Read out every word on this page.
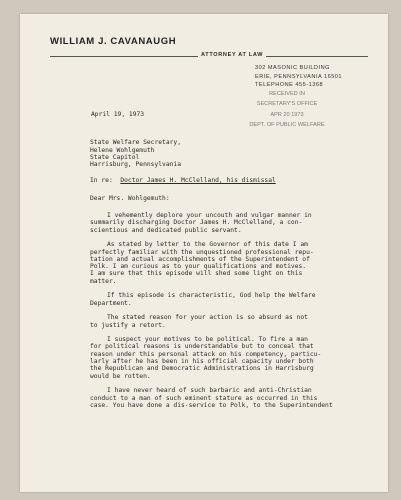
WILLIAM J. CAVANAUGH
ATTORNEY AT LAW
302 MASONIC BUILDING
ERIE, PENNSYLVANIA 16501
TELEPHONE 455-1368
RECEIVED IN
SECRETARY'S OFFICE
APR 20 1973
DEPT. OF PUBLIC WELFARE
April 19, 1973
State Welfare Secretary,
Helene Wohlgemuth
State Capitol
Harrisburg, Pennsylvania
In re: Doctor James H. McClelland, his dismissal
Dear Mrs. Wohlgemuth:
I vehemently deplore your uncouth and vulgar manner in
summarily discharging Doctor James H. McClelland, a con-
scientious and dedicated public servant.
As stated by letter to the Governor of this date I am
perfectly familiar with the unquestioned professional repu-
tation and actual accomplishments of the Superintendent of
Polk. I am curious as to your qualifications and motives.
I am sure that this episode will shed some light on this
matter.
If this episode is characteristic, God help the Welfare
Department.
The stated reason for your action is so absurd as not
to justify a retort.
I suspect your motives to be political. To fire a man
for political reasons is understandable but to conceal that
reason under this personal attack on his competency, particu-
larly after he has been in his official capacity under both
the Republican and Democratic Administrations in Harrisburg
would be rotten.
I have never heard of such barbaric and anti-Christian
conduct to a man of such eminent stature as occurred in this
case. You have done a dis-service to Polk, to the Superintendent
